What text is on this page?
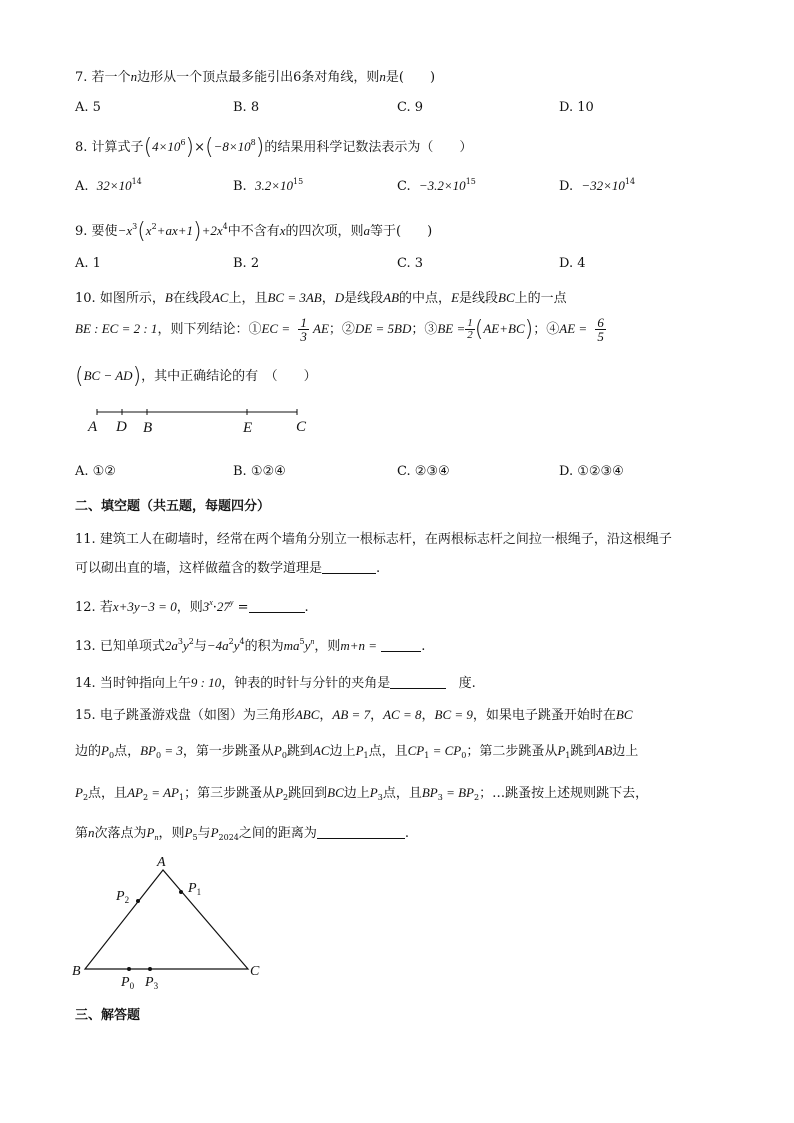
7. 若一个n边形从一个顶点最多能引出6条对角线，则n是(　　)
A. 5	B. 8	C. 9	D. 10
8. 计算式子$(4\times 10^6)\times(-8\times 10^8)$的结果用科学记数法表示为（　　）
A. $32\times 10^{14}$	B. $3.2\times 10^{15}$	C. $-3.2\times 10^{15}$	D. $-32\times 10^{14}$
9. 要使$-x^3(x^2+ax+1)+2x^4$中不含有x的四次项，则a等于(　　)
A. 1	B. 2	C. 3	D. 4
10. 如图所示，B在线段AC上，且BC = 3AB，D是线段AB的中点，E是线段BC上的一点
BE : EC = 2 : 1，则下列结论：①EC = $\frac{1}{3}$ AE；②DE = 5BD；③BE = $\frac{1}{2} (AE+BC)$；④AE = $\frac{6}{5}$
(BC − AD)，其中正确结论的有　（　　）
A D B	E	C
A. ①②	B. ①②④	C. ②③④	D. ①②③④
二、填空题（共五题，每题四分）
11. 建筑工人在砌墙时，经常在两个墙角分别立一根标志杆，在两根标志杆之间拉一根绳子，沿这根绳子
可以砌出直的墙，这样做蕴含的数学道理是	.
12. 若x+3y−3 = 0，则$3^x\cdot 27^y$ =	.
13. 已知单项式$2a^3y^2$与$-4a^2y^4$的积为$ma^5y^n$，则m+n =	.
14. 当时钟指向上午9 : 10，钟表的时针与分针的夹角是	度.
15. 电子跳蚤游戏盘（如图）为三角形ABC，AB = 7，AC = 8，BC = 9，如果电子跳蚤开始时在BC
边的$P_0$点，$BP_0 = 3$，第一步跳蚤从$P_0$跳到AC边上$P_1$点，且$CP_1 = CP_0$；第二步跳蚤从$P_1$跳到AB边上
$P_2$点，且$AP_2 = AP_1$；第三步跳蚤从$P_2$跳回到BC边上$P_3$点，且$BP_3 = BP_2$；…跳蚤按上述规则跳下去，
第n次落点为$P_n$，则$P_5$与$P_{2024}$之间的距离为	.
A
B	C
$P_1$
$P_2$
$P_0$ $P_3$
三、解答题
